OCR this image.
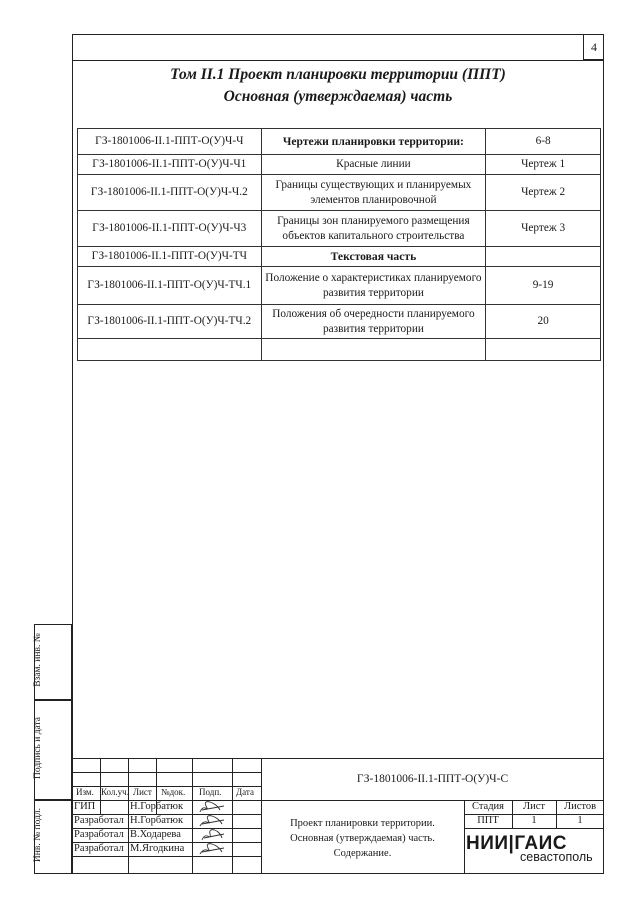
4
Том II.1 Проект планировки территории (ППТ)
Основная (утверждаемая) часть
ГЗ-1801006-II.1-ППТ-О(У)Ч-Ч	Чертежи планировки территории:	6-8
ГЗ-1801006-II.1-ППТ-О(У)Ч-Ч1	Красные линии	Чертеж 1
ГЗ-1801006-II.1-ППТ-О(У)Ч-Ч.2	Границы существующих и планируемых элементов планировочной	Чертеж 2
ГЗ-1801006-II.1-ППТ-О(У)Ч-Ч3	Границы зон планируемого размещения объектов капитального строительства	Чертеж 3
ГЗ-1801006-II.1-ППТ-О(У)Ч-ТЧ	Текстовая часть	
ГЗ-1801006-II.1-ППТ-О(У)Ч-ТЧ.1	Положение о характеристиках планируемого развития территории	9-19
ГЗ-1801006-II.1-ППТ-О(У)Ч-ТЧ.2	Положения об очередности планируемого развития территории	20

Взам. инв. №
Подпись и дата
Инв. № подл.
Изм. Кол.уч. Лист №док. Подп. Дата
ГЗ-1801006-II.1-ППТ-О(У)Ч-С
ГИП	Н.Горбатюк
Разработал Н.Горбатюк
Разработал В.Ходарева
Разработал М.Ягодкина
Проект планировки территории.
Основная (утверждаемая) часть.
Содержание.
Стадия	Лист	Листов
ППТ	1	1
НИИ|ГАИС
севастополь
